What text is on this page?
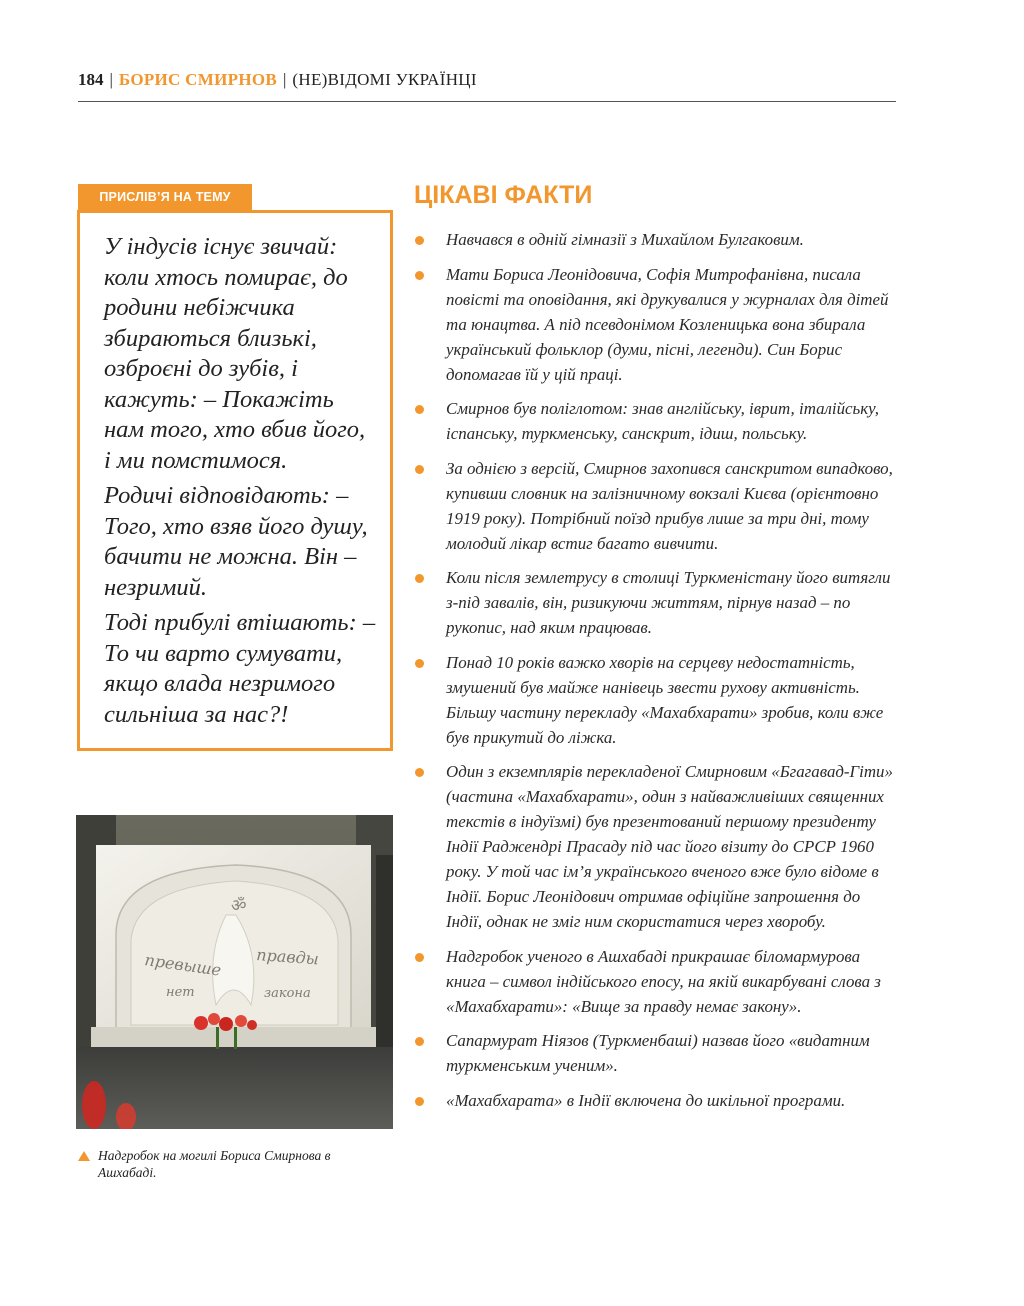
184 | БОРИС СМИРНОВ | (НЕ)ВІДОМІ УКРАЇНЦІ
ПРИСЛІВ’Я НА ТЕМУ

У індусів існує звичай: коли хтось помирає, до родини небіжчика збираються близькі, озброєні до зубів, і кажуть: – Покажіть нам того, хто вбив його, і ми помстимося.

Родичі відповідають: – Того, хто взяв його душу, бачити не можна. Він – незримий.

Тоді прибулі втішають: – То чи варто сумувати, якщо влада незримого сильніша за нас?!

ॐ
превыше
нет
правды
закона
Надгробок на могилі Бориса Смирнова в Ашхабаді.
ЦІКАВІ ФАКТИ
Навчався в одній гімназії з Михайлом Булгаковим.
Мати Бориса Леонідовича, Софія Митрофанівна, писала повісті та оповідання, які друкувалися у журналах для дітей та юнацтва. А під псевдонімом Козленицька вона збирала український фольклор (думи, пісні, легенди). Син Борис допомагав їй у цій праці.
Смирнов був поліглотом: знав англійську, іврит, італійську, іспанську, туркменську, санскрит, ідиш, польську.
За однією з версій, Смирнов захопився санскритом випадково, купивши словник на залізничному вокзалі Києва (орієнтовно 1919 року). Потрібний поїзд прибув лише за три дні, тому молодий лікар встиг багато вивчити.
Коли після землетрусу в столиці Туркменістану його витягли з-під завалів, він, ризикуючи життям, пірнув назад – по рукопис, над яким працював.
Понад 10 років важко хворів на серцеву недостатність, змушений був майже нанівець звести рухову активність. Більшу частину перекладу «Махабхарати» зробив, коли вже був прикутий до ліжка.
Один з екземплярів перекладеної Смирновим «Бгагавад-Гіти» (частина «Махабхарати», один з найважливіших священних текстів в індуїзмі) був презентований першому президенту Індії Раджендрі Прасаду під час його візиту до СРСР 1960 року. У той час ім’я українського вченого вже було відоме в Індії. Борис Леонідович отримав офіційне запрошення до Індії, однак не зміг ним скористатися через хворобу.
Надгробок ученого в Ашхабаді прикрашає біломармурова книга – символ індійського епосу, на якій викарбувані слова з «Махабхарати»: «Вище за правду немає закону».
Сапармурат Ніязов (Туркменбаші) назвав його «видатним туркменським ученим».
«Махабхарата» в Індії включена до шкільної програми.
